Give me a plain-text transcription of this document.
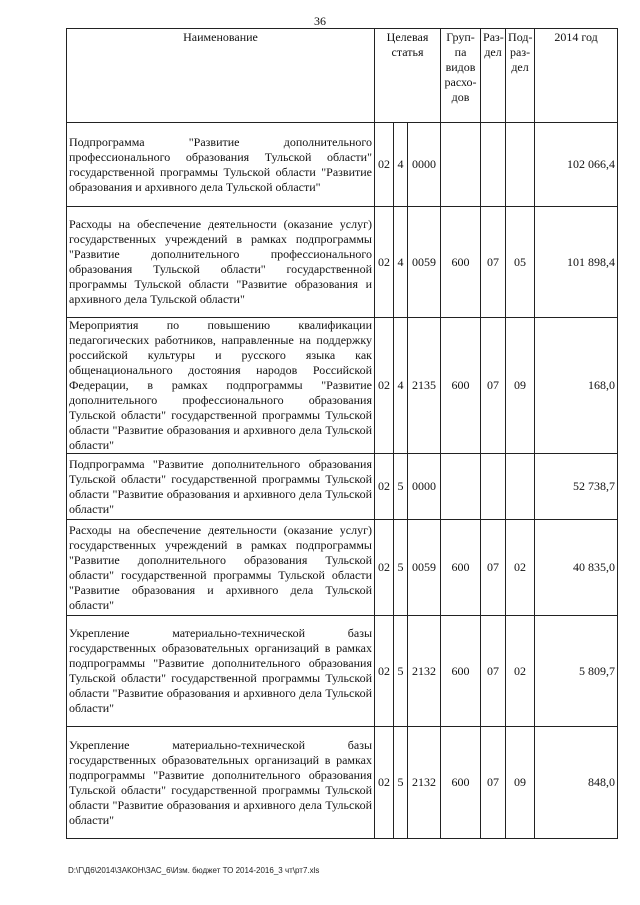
36
Наименование	Целевая статья			Груп-па видов расхо-дов	Раз-дел	Под-раз-дел	2014 год
Подпрограмма "Развитие дополнительного профессионального образования Тульской области" государственной программы Тульской области "Развитие образования и архивного дела Тульской области"	02	4	0000				102 066,4
Расходы на обеспечение деятельности (оказание услуг) государственных учреждений в рамках подпрограммы "Развитие дополнительного профессионального образования Тульской области" государственной программы Тульской области "Развитие образования и архивного дела Тульской области"	02	4	0059	600	07	05	101 898,4
Мероприятия по повышению квалификации педагогических работников, направленные на поддержку российской культуры и русского языка как общенационального достояния народов Российской Федерации, в рамках подпрограммы "Развитие дополнительного профессионального образования Тульской области" государственной программы Тульской области "Развитие образования и архивного дела Тульской области"	02	4	2135	600	07	09	168,0
Подпрограмма "Развитие дополнительного образования Тульской области" государственной программы Тульской области "Развитие образования и архивного дела Тульской области"	02	5	0000				52 738,7
Расходы на обеспечение деятельности (оказание услуг) государственных учреждений в рамках подпрограммы "Развитие дополнительного образования Тульской области" государственной программы Тульской области "Развитие образования и архивного дела Тульской области"	02	5	0059	600	07	02	40 835,0
Укрепление материально-технической базы государственных образовательных организаций в рамках подпрограммы "Развитие дополнительного образования Тульской области" государственной программы Тульской области "Развитие образования и архивного дела Тульской области"	02	5	2132	600	07	02	5 809,7
Укрепление материально-технической базы государственных образовательных организаций в рамках подпрограммы "Развитие дополнительного образования Тульской области" государственной программы Тульской области "Развитие образования и архивного дела Тульской области"	02	5	2132	600	07	09	848,0
D:\Г\Д6\2014\ЗАКОН\ЗАС_6\Изм. бюджет ТО 2014-2016_3 чт\рт7.xls
